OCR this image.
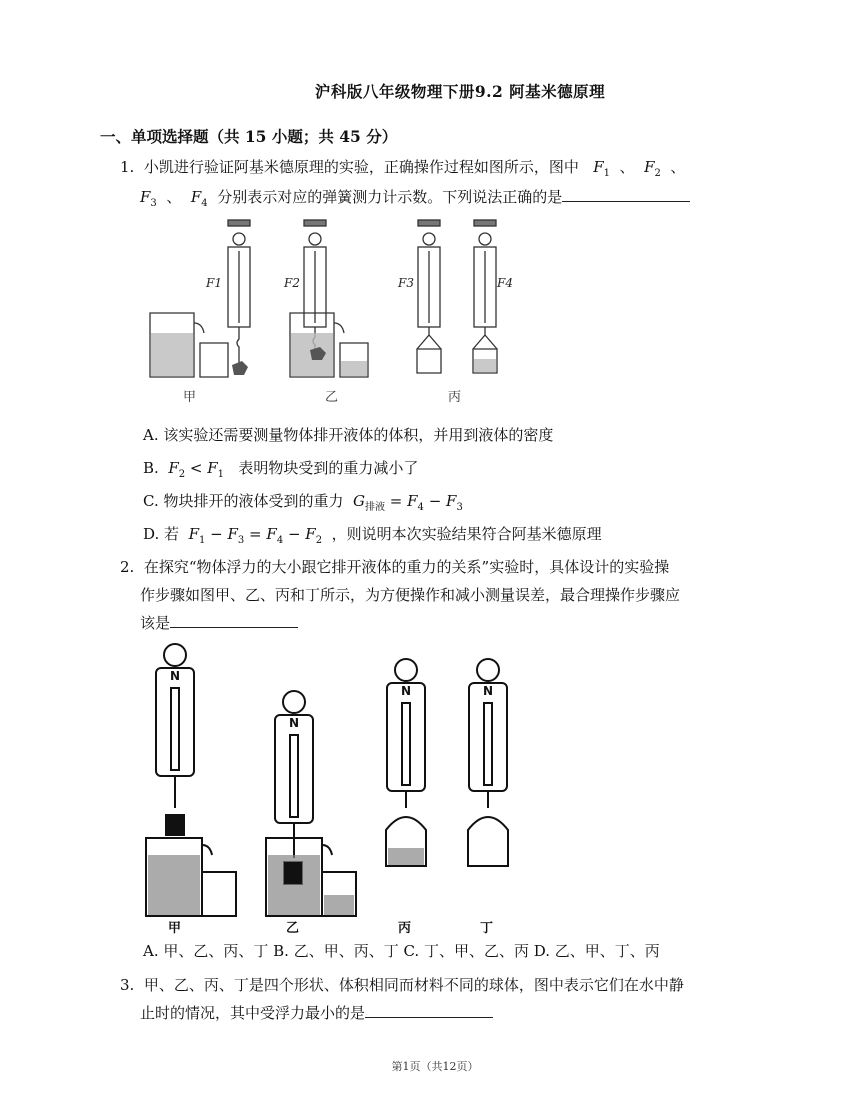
沪科版八年级物理下册9.2 阿基米德原理
一、单项选择题（共 15 小题；共 45 分）
1. 小凯进行验证阿基米德原理的实验，正确操作过程如图所示，图中 $F_1$  、  $F_2$  、
$F_3$  、  $F_4$ 分别表示对应的弹簧测力计示数。下列说法正确的是
F1	F2	F3	F4
甲	乙	丙
A. 该实验还需要测量物体排开液体的体积，并用到液体的密度
B. $F_2 < F_1$ 表明物块受到的重力减小了
C. 物块排开的液体受到的重力 $G_{排液} = F_4 - F_3$
D. 若 $F_1 - F_3 = F_4 - F_2$ ，则说明本次实验结果符合阿基米德原理
2. 在探究“物体浮力的大小跟它排开液体的重力的关系”实验时，具体设计的实验操
作步骤如图甲、乙、丙和丁所示，为方便操作和减小测量误差，最合理操作步骤应
该是
N
N
N	N
甲	乙	丙	丁
A. 甲、乙、丙、丁 B. 乙、甲、丙、丁 C. 丁、甲、乙、丙 D. 乙、甲、丁、丙
3. 甲、乙、丙、丁是四个形状、体积相同而材料不同的球体，图中表示它们在水中静
止时的情况，其中受浮力最小的是
第1页（共12页）
